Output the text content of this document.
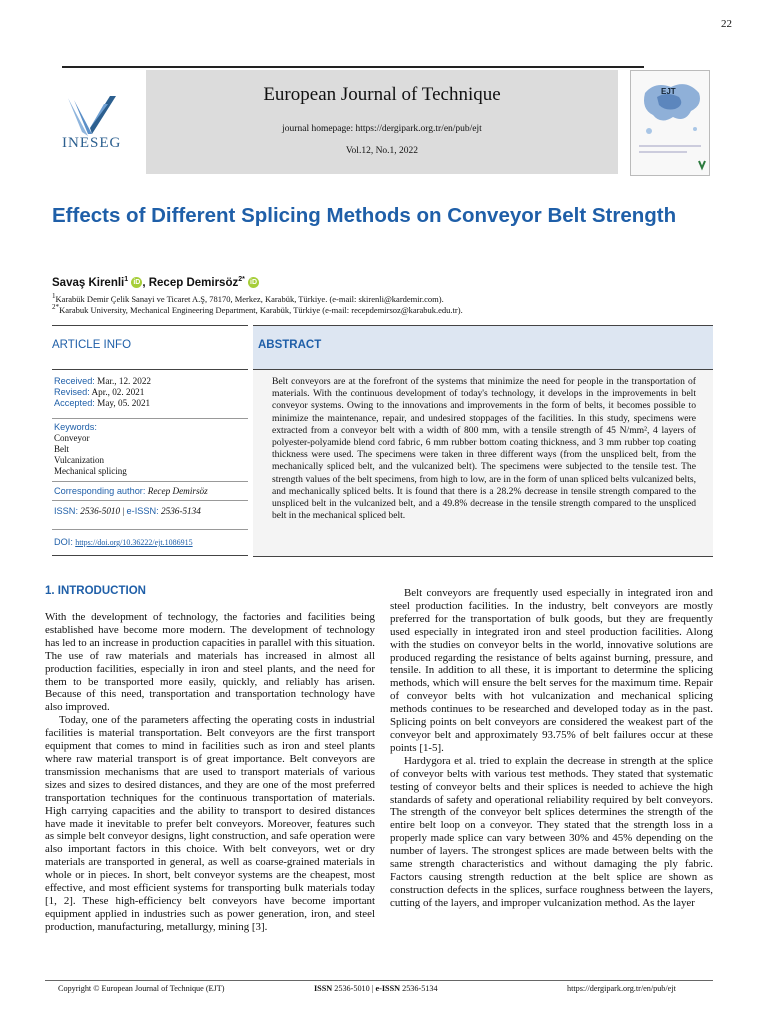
22
INESEG
European Journal of Technique
journal homepage: https://dergipark.org.tr/en/pub/ejt
Vol.12, No.1, 2022
EJT
Effects of Different Splicing Methods on Conveyor Belt Strength
Savaş Kirenli$^1$ iD , Recep Demirsöz$^{2*}$ iD
$^1$Karabük Demir Çelik Sanayi ve Ticaret A.Ş, 78170, Merkez, Karabük, Türkiye. (e-mail: skirenli@kardemir.com).
$^{2*}$Karabuk University, Mechanical Engineering Department, Karabük, Türkiye (e-mail: recepdemirsoz@karabuk.edu.tr).
ARTICLE INFO
Received: Mar., 12. 2022
Revised: Apr., 02. 2021
Accepted: May, 05. 2021
Keywords:
Conveyor
Belt
Vulcanization
Mechanical splicing
Corresponding author: Recep Demirsöz
ISSN: 2536-5010 | e-ISSN: 2536-5134
DOI: https://doi.org/10.36222/ejt.1086915
ABSTRACT
Belt conveyors are at the forefront of the systems that minimize the need for people in the transportation of materials. With the continuous development of today's technology, it develops in the improvements in belt conveyor systems. Owing to the innovations and improvements in the form of belts, it becomes possible to minimize the maintenance, repair, and undesired stoppages of the facilities. In this study, specimens were extracted from a conveyor belt with a width of 800 mm, with a tensile strength of 45 N/mm², 4 layers of polyester-polyamide blend cord fabric, 6 mm rubber bottom coating thickness, and 3 mm rubber top coating thickness were used. The specimens were taken in three different ways (from the unspliced belt, from the mechanically spliced belt, and the vulcanized belt). The specimens were subjected to the tensile test. The strength values of the belt specimens, from high to low, are in the form of unan spliced belts vulcanized belts, and mechanically spliced belts. It is found that there is a 28.2% decrease in tensile strength compared to the unspliced belt in the vulcanized belt, and a 49.8% decrease in the tensile strength compared to the unspliced belt in the mechanical spliced belt.
1. INTRODUCTION

With the development of technology, the factories and facilities being established have become more modern. The development of technology has led to an increase in production capacities in parallel with this situation. The use of raw materials and materials has increased in almost all production facilities, especially in iron and steel plants, and the need for them to be transported more easily, quickly, and reliably has arisen. Because of this need, transportation and transportation technology have also improved.

Today, one of the parameters affecting the operating costs in industrial facilities is material transportation. Belt conveyors are the first transport equipment that comes to mind in facilities such as iron and steel plants where raw material transport is of great importance. Belt conveyors are transmission mechanisms that are used to transport materials of various sizes and sizes to desired distances, and they are one of the most preferred transportation techniques for the continuous transportation of materials. High carrying capacities and the ability to transport to desired distances have made it inevitable to prefer belt conveyors. Moreover, features such as simple belt conveyor designs, light construction, and safe operation were also important factors in this choice. With belt conveyors, wet or dry materials are transported in general, as well as coarse-grained materials in whole or in pieces. In short, belt conveyor systems are the cheapest, most effective, and most efficient systems for transporting bulk materials today [1, 2]. These high-efficiency belt conveyors have become important equipment applied in industries such as power generation, iron, and steel production, manufacturing, metallurgy, mining [3].

Belt conveyors are frequently used especially in integrated iron and steel production facilities. In the industry, belt conveyors are mostly preferred for the transportation of bulk goods, but they are frequently used especially in integrated iron and steel production facilities. Along with the studies on conveyor belts in the world, innovative solutions are produced regarding the resistance of belts against burning, pressure, and tensile. In addition to all these, it is important to determine the splicing methods, which will ensure the belt serves for the maximum time. Repair of conveyor belts with hot vulcanization and mechanical splicing methods continues to be researched and developed today as in the past. Splicing points on belt conveyors are considered the weakest part of the conveyor belt and approximately 93.75% of belt failures occur at these points [1-5].

Hardygora et al. tried to explain the decrease in strength at the splice of conveyor belts with various test methods. They stated that systematic testing of conveyor belts and their splices is needed to achieve the high standards of safety and operational reliability required by belt conveyors. The strength of the conveyor belt splices determines the strength of the entire belt loop on a conveyor. They stated that the strength loss in a properly made splice can vary between 30% and 45% depending on the number of layers. The strongest splices are made between belts with the same strength characteristics and without damaging the ply fabric. Factors causing strength reduction at the belt splice are shown as construction defects in the splices, surface roughness between the layers, cutting of the layers, and improper vulcanization method. As the layer

Copyright © European Journal of Technique (EJT)	ISSN 2536-5010 | e-ISSN 2536-5134	https://dergipark.org.tr/en/pub/ejt
